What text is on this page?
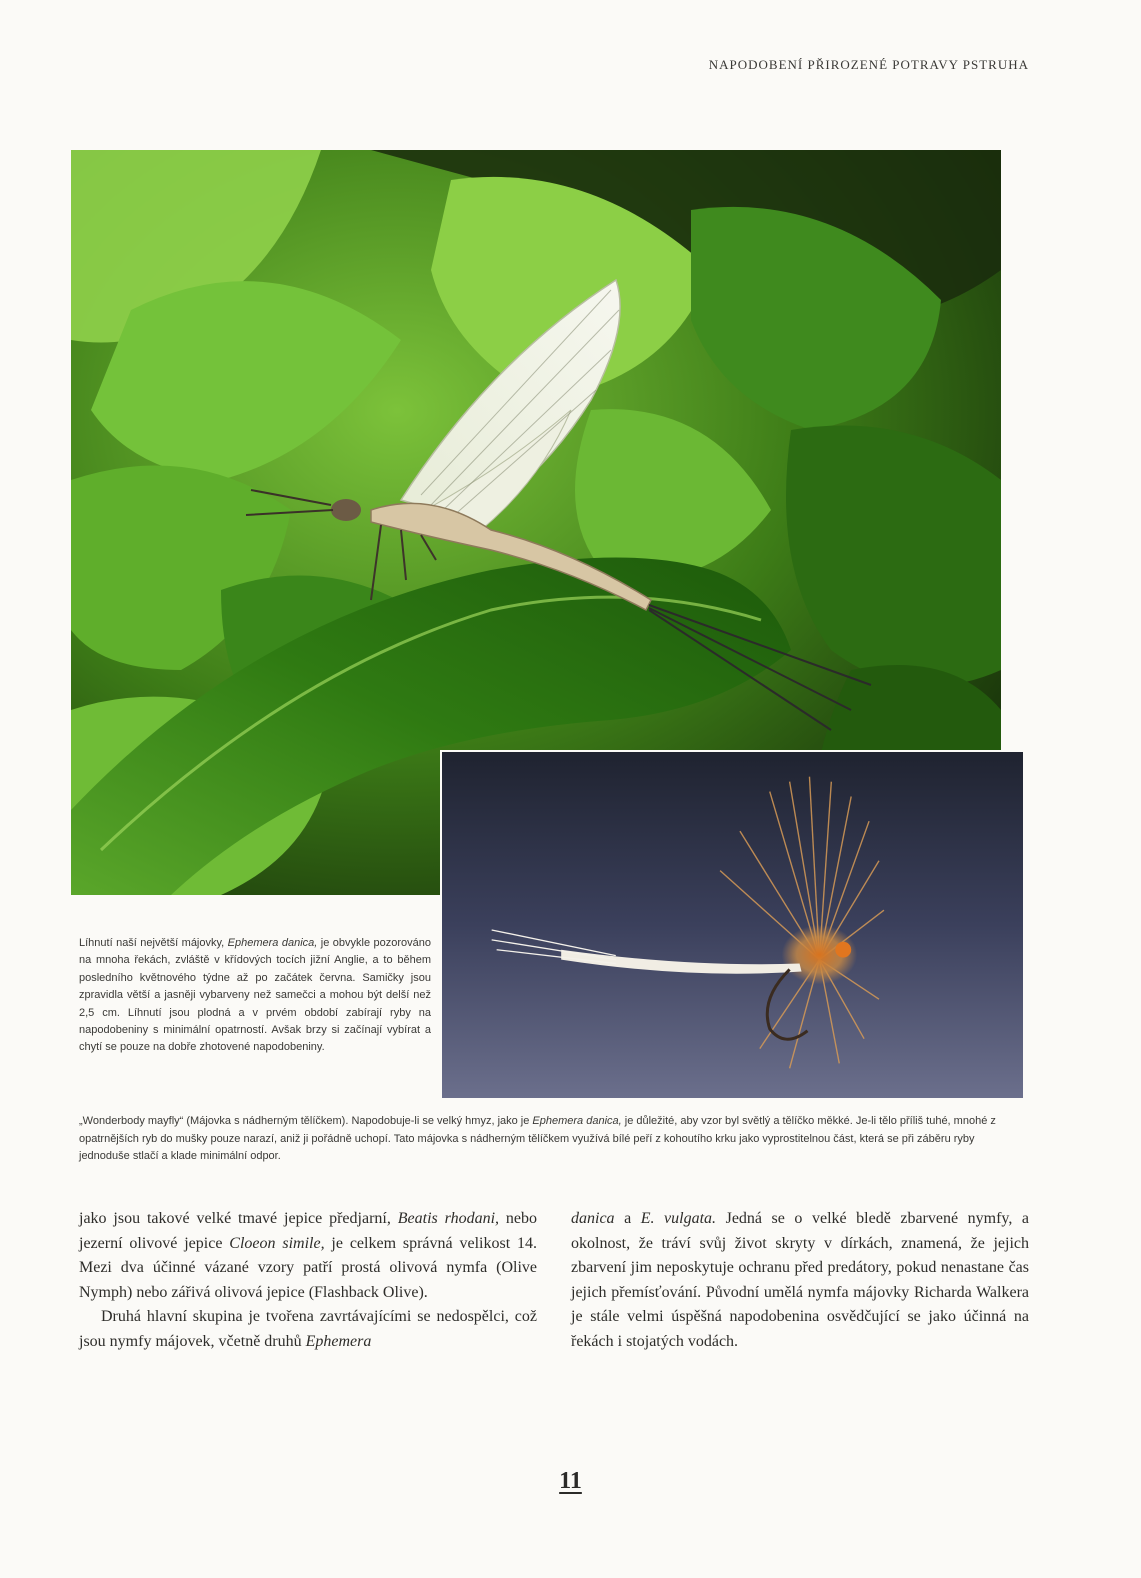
NAPODOBENÍ PŘIROZENÉ POTRAVY PSTRUHA

Líhnutí naší největší májovky, Ephemera danica, je obvykle pozorováno na mnoha řekách, zvláště v křídových tocích jižní Anglie, a to během posledního květnového týdne až po začátek června. Samičky jsou zpravidla větší a jasněji vybarveny než samečci a mohou být delší než 2,5 cm. Líhnutí jsou plodná a v prvém období zabírají ryby na napodobeniny s minimální opatrností. Avšak brzy si začínají vybírat a chytí se pouze na dobře zhotovené napodobeniny.

„Wonderbody mayfly“ (Májovka s nádherným tělíčkem). Napodobuje-li se velký hmyz, jako je Ephemera danica, je důležité, aby vzor byl světlý a tělíčko měkké. Je-li tělo příliš tuhé, mnohé z opatrnějších ryb do mušky pouze narazí, aniž ji pořádně uchopí. Tato májovka s nádherným tělíčkem využívá bílé peří z kohoutího krku jako vyprostitelnou část, která se při záběru ryby jednoduše stlačí a klade minimální odpor.

jako jsou takové velké tmavé jepice předjarní, Beatis rhodani, nebo jezerní olivové jepice Cloeon simile, je celkem správná velikost 14. Mezi dva účinné vázané vzory patří prostá olivová nymfa (Olive Nymph) nebo zářivá olivová jepice (Flashback Olive).

Druhá hlavní skupina je tvořena zavrtávajícími se nedospělci, což jsou nymfy májovek, včetně druhů Ephemera

danica a E. vulgata. Jedná se o velké bledě zbarvené nymfy, a okolnost, že tráví svůj život skryty v dírkách, znamená, že jejich zbarvení jim neposkytuje ochranu před predátory, pokud nenastane čas jejich přemísťování. Původní umělá nymfa májovky Richarda Walkera je stále velmi úspěšná napodobenina osvědčující se jako účinná na řekách i stojatých vodách.

11
